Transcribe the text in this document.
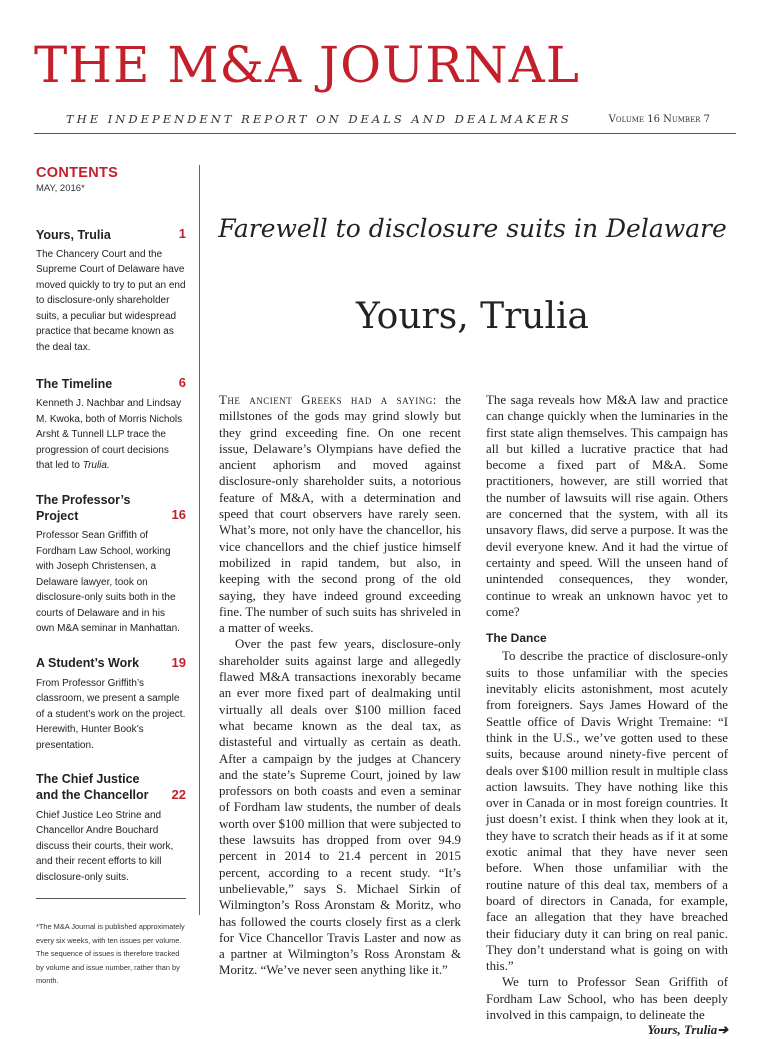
THE M&A JOURNAL
THE INDEPENDENT REPORT ON DEALS AND DEALMAKERS	Volume 16 Number 7
CONTENTS
MAY, 2016*
Yours, Trulia	1
The Chancery Court and the Supreme Court of Delaware have moved quickly to try to put an end to disclosure-only shareholder suits, a peculiar but widespread practice that became known as the deal tax.
The Timeline	6
Kenneth J. Nachbar and Lindsay M. Kwoka, both of Morris Nichols Arsht & Tunnell LLP trace the progression of court decisions that led to Trulia.
The Professor’s Project	16
Professor Sean Griffith of Fordham Law School, working with Joseph Christensen, a Delaware lawyer, took on disclosure-only suits both in the courts of Delaware and in his own M&A seminar in Manhattan.
A Student’s Work	19
From Professor Griffith’s classroom, we present a sample of a student’s work on the project. Herewith, Hunter Book’s presentation.
The Chief Justice and the Chancellor	22
Chief Justice Leo Strine and Chancellor Andre Bouchard discuss their courts, their work, and their recent efforts to kill disclosure-only suits.
*The M&A Journal is published approximately every six weeks, with ten issues per volume. The sequence of issues is therefore tracked by volume and issue number, rather than by month.
Farewell to disclosure suits in Delaware
Yours, Trulia

The ancient Greeks had a saying: the millstones of the gods may grind slowly but they grind exceeding fine. On one recent issue, Delaware’s Olympians have defied the ancient aphorism and moved against disclosure-only shareholder suits, a notorious feature of M&A, with a determination and speed that court observers have rarely seen. What’s more, not only have the chancellor, his vice chancellors and the chief justice himself mobilized in rapid tandem, but also, in keeping with the second prong of the old saying, they have indeed ground exceeding fine. The number of such suits has shriveled in a matter of weeks.

Over the past few years, disclosure-only shareholder suits against large and allegedly flawed M&A transactions inexorably became an ever more fixed part of dealmaking until virtually all deals over $100 million faced what became known as the deal tax, as distasteful and virtually as certain as death. After a campaign by the judges at Chancery and the state’s Supreme Court, joined by law professors on both coasts and even a seminar of Fordham law students, the number of deals worth over $100 million that were subjected to these lawsuits has dropped from over 94.9 percent in 2014 to 21.4 percent in 2015 percent, according to a recent study. “It’s unbelievable,” says S. Michael Sirkin of Wilmington’s Ross Aronstam & Moritz, who has followed the courts closely first as a clerk for Vice Chancellor Travis Laster and now as a partner at Wilmington’s Ross Aronstam & Moritz. “We’ve never seen anything like it.”

The saga reveals how M&A law and practice can change quickly when the luminaries in the first state align themselves. This campaign has all but killed a lucrative practice that had become a fixed part of M&A. Some practitioners, however, are still worried that the number of lawsuits will rise again. Others are concerned that the system, with all its unsavory flaws, did serve a purpose. It was the devil everyone knew. And it had the virtue of certainty and speed. Will the unseen hand of unintended consequences, they wonder, continue to wreak an unknown havoc yet to come?

The Dance

To describe the practice of disclosure-only suits to those unfamiliar with the species inevitably elicits astonishment, most acutely from foreigners. Says James Howard of the Seattle office of Davis Wright Tremaine: “I think in the U.S., we’ve gotten used to these suits, because around ninety-five percent of deals over $100 million result in multiple class action lawsuits. They have nothing like this over in Canada or in most foreign countries. It just doesn’t exist. I think when they look at it, they have to scratch their heads as if it at some exotic animal that they have never seen before. When those unfamiliar with the routine nature of this deal tax, members of a board of directors in Canada, for example, face an allegation that they have breached their fiduciary duty it can bring on real panic. They don’t understand what is going on with this.”

We turn to Professor Sean Griffith of Fordham Law School, who has been deeply involved in this campaign, to delineate the

Yours, Trulia➔
